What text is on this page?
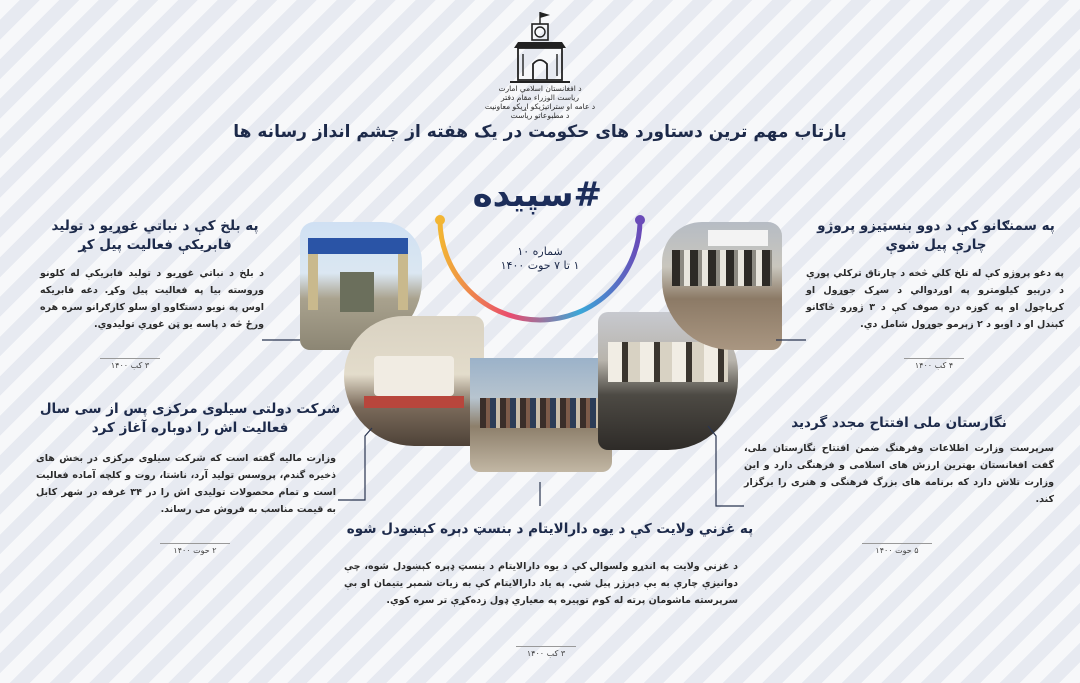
د افغانستان اسلامي امارت
رياست الوزراء مقام دفتر
د عامه او ستراتيژيکو اړيکو معاونيت
د مطبوعاتو رياست
بازتاب مهم ترین دستاورد های حکومت در یک هفته از چشم انداز رسانه ها
#سپیده
شماره ۱۰
۱ تا ۷ حوت ۱۴۰۰
په بلخ کې د نباتي غوړيو د توليد فابريکې فعاليت پيل کړ
د بلخ د نباتي غوړيو د توليد فابريکې له کلونو وروسته بيا په فعاليت پيل وکړ. دغه فابريکه اوس په نويو دستګاوو او سلو کارګرانو سره هره ورځ څه د پاسه يو ټن غوړي توليدوي.
۳ کب ۱۴۰۰
په سمنګانو کې د دوو بنسټيزو پروژو چارې پيل شوې
په دغو پروژو کې له تلخ کلي څخه د چارتاق ترکلي پورې د درېيو کيلومترو په اوږدوالي د سړک جوړول او کرپاچول او په کوزه دره صوف کې د ۳ ژورو څاګانو کېندل او د اوبو د ۲ زېرمو جوړول شامل دي.
۴ کب ۱۴۰۰
شرکت دولتی سیلوی مرکزی پس از سی سال فعالیت اش را دوباره آغاز کرد
وزارت مالیه گفته است که شرکت سیلوی مرکزی در بخش های ذخیره گندم، پروسس تولید آرد، ناشتا، روت و کلچه آماده فعالیت است و تمام محصولات تولیدی اش را در ۳۴ غرفه در شهر کابل به قیمت مناسب به فروش می رساند.
۲ حوت ۱۴۰۰
نگارستان ملی افتتاح مجدد گردید
سرپرست وزارت اطلاعات وفرهنگ ضمن افتتاح نگارستان ملی، گفت افغانستان بهترین ارزش های اسلامی و فرهنگی دارد و این وزارت تلاش دارد که برنامه های بزرگ فرهنگی و هنری را برگزار کند.
۵ حوت ۱۴۰۰
په غزني ولايت کې د يوه دارالايتام د بنسټ دېره کېښودل شوه
د غزني ولايت په اندړو ولسوالۍ کې د يوه دارالايتام د بنسټ ډېره کېښودل شوه، چې دوانيزې چارې به يې دېرژر پيل شي. په ياد دارالايتام کې به زيات شمېر يتيمان او بې سرپرسته ماشومان پرته له کوم توپيره په معياري ډول زده‌کړې تر سره کوي.
۳ کب ۱۴۰۰
